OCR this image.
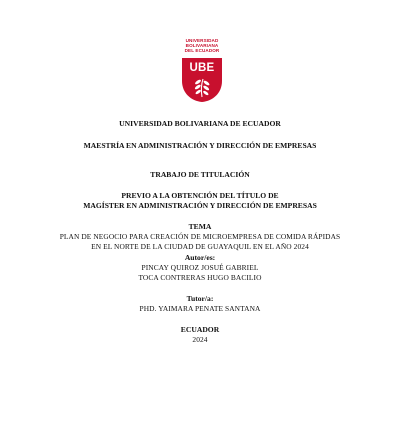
UNIVERSIDAD
BOLIVARIANA
DEL ECUADOR
UBE
UNIVERSIDAD BOLIVARIANA DE ECUADOR
MAESTRÍA EN ADMINISTRACIÓN Y DIRECCIÓN DE EMPRESAS
TRABAJO DE TITULACIÓN
PREVIO A LA OBTENCIÓN DEL TÍTULO DE
MAGÍSTER EN ADMINISTRACIÓN Y DIRECCIÓN DE EMPRESAS
TEMA
PLAN DE NEGOCIO PARA CREACIÓN DE MICROEMPRESA DE COMIDA RÁPIDAS
EN EL NORTE DE LA CIUDAD DE GUAYAQUIL EN EL AÑO 2024
Autor/es:
PINCAY QUIROZ JOSUÉ GABRIEL
TOCA CONTRERAS HUGO BACILIO
Tutor/a:
PHD. YAIMARA PENATE SANTANA
ECUADOR
2024
